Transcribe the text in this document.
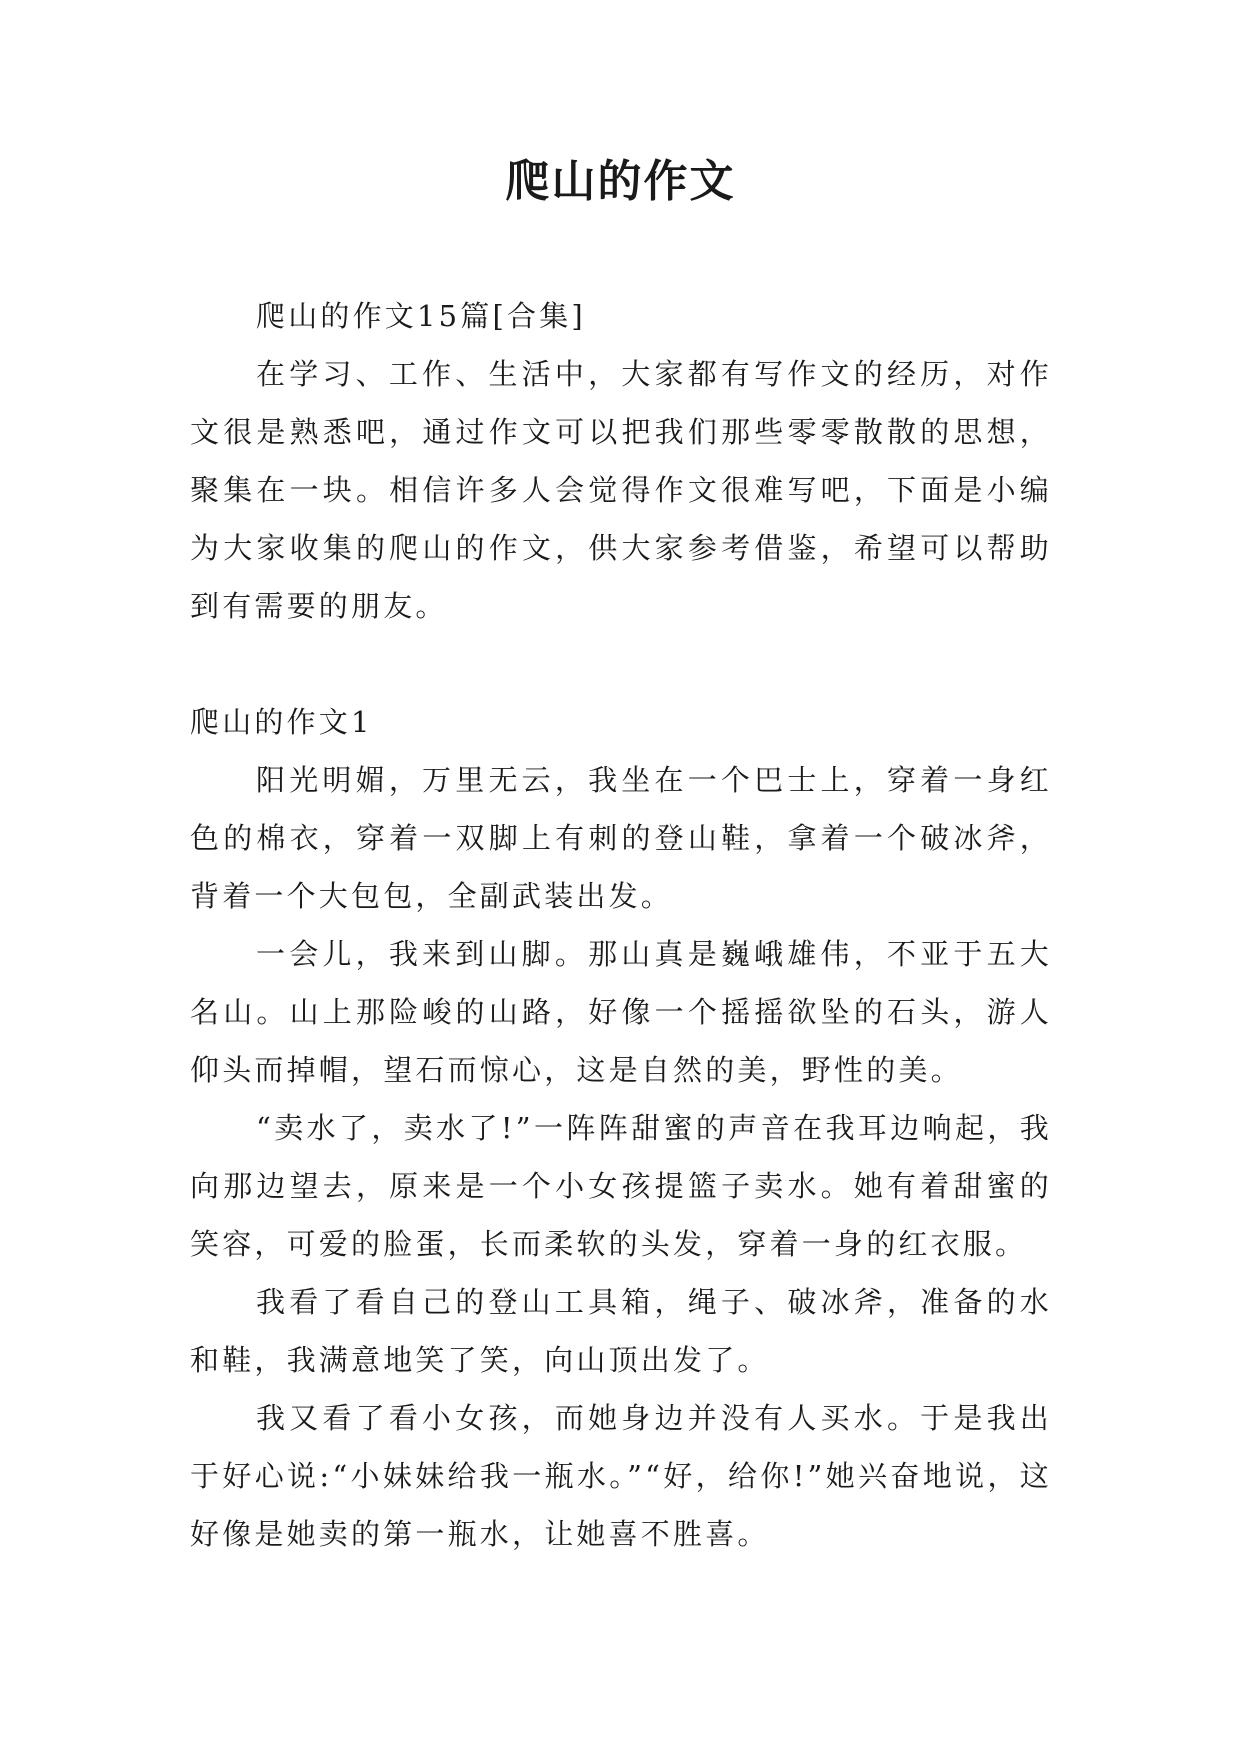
爬山的作文

爬山的作文15篇[合集]

在学习、工作、生活中，大家都有写作文的经历，对作文很是熟悉吧，通过作文可以把我们那些零零散散的思想，聚集在一块。相信许多人会觉得作文很难写吧，下面是小编为大家收集的爬山的作文，供大家参考借鉴，希望可以帮助到有需要的朋友。

爬山的作文1

阳光明媚，万里无云，我坐在一个巴士上，穿着一身红色的棉衣，穿着一双脚上有刺的登山鞋，拿着一个破冰斧，背着一个大包包，全副武装出发。

一会儿，我来到山脚。那山真是巍峨雄伟，不亚于五大名山。山上那险峻的山路，好像一个摇摇欲坠的石头，游人仰头而掉帽，望石而惊心，这是自然的美，野性的美。

“卖水了，卖水了!”一阵阵甜蜜的声音在我耳边响起，我向那边望去，原来是一个小女孩提篮子卖水。她有着甜蜜的笑容，可爱的脸蛋，长而柔软的头发，穿着一身的红衣服。

我看了看自己的登山工具箱，绳子、破冰斧，准备的水和鞋，我满意地笑了笑，向山顶出发了。

我又看了看小女孩，而她身边并没有人买水。于是我出于好心说:“小妹妹给我一瓶水。”“好，给你!”她兴奋地说，这好像是她卖的第一瓶水，让她喜不胜喜。
